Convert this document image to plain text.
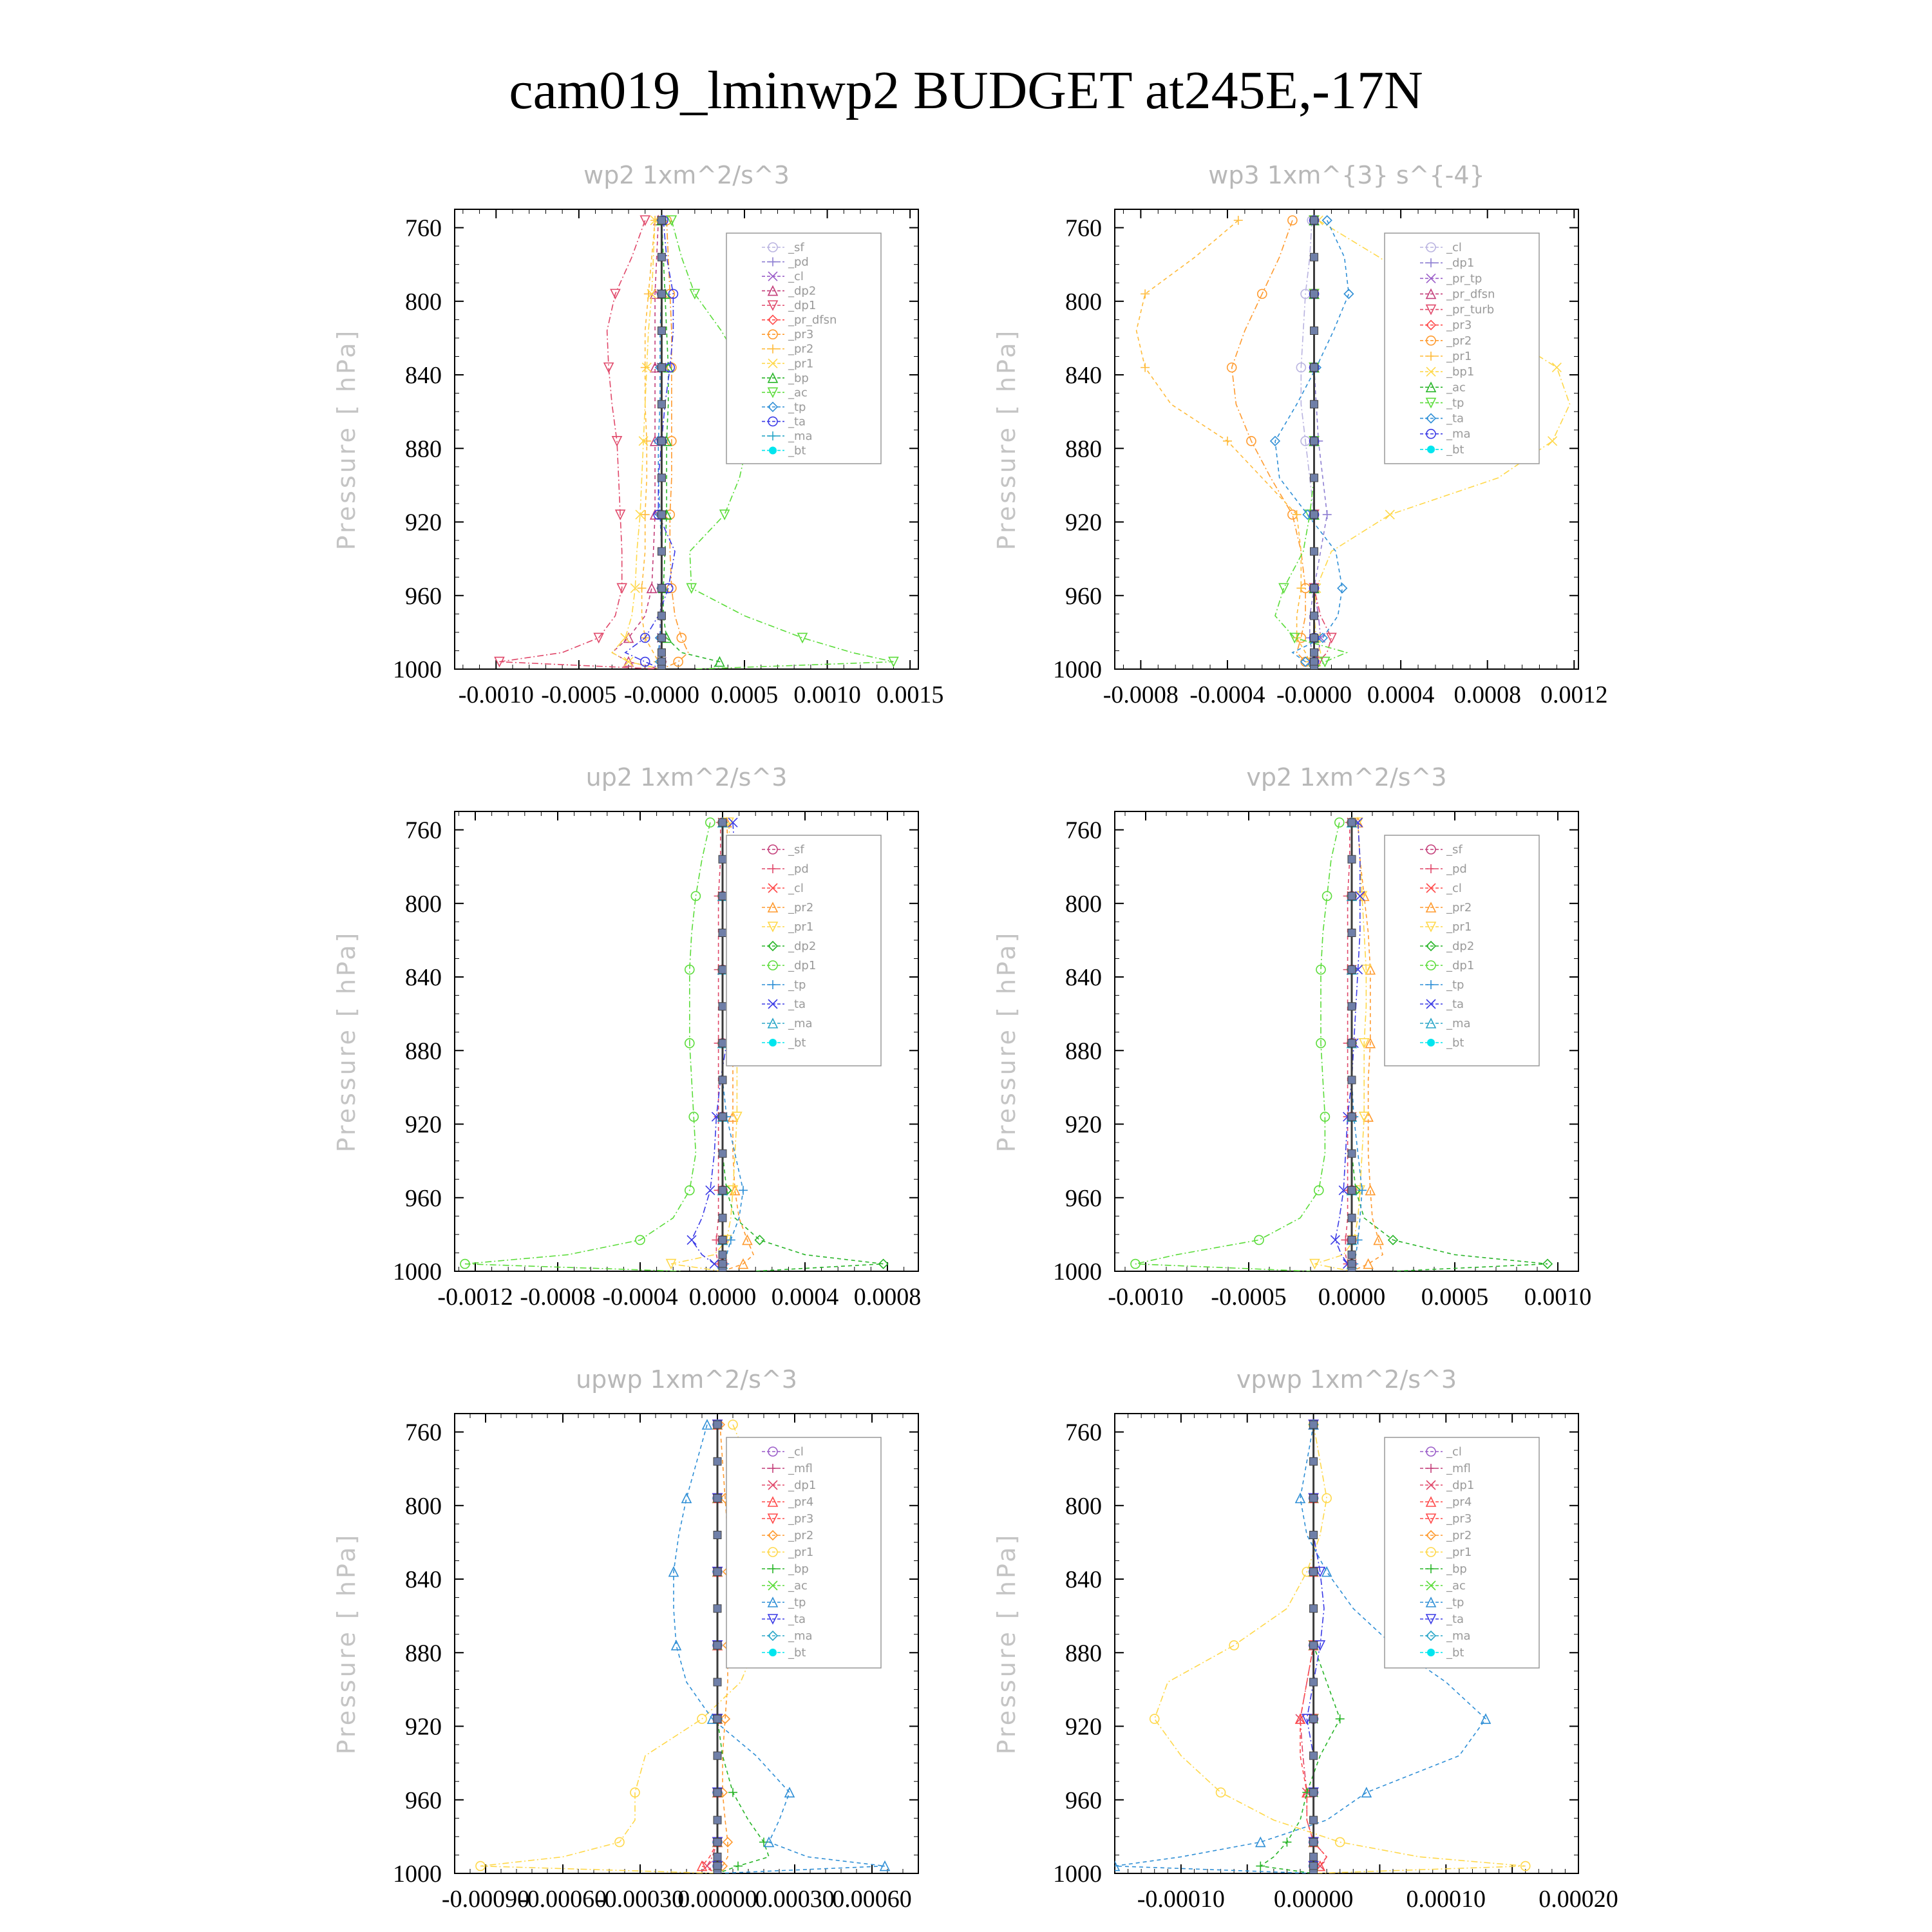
cam019_lminwp2 BUDGET at245E,-17N
wp2 1xm^2/s^3
Pressure [ hPa]
760
800
840
880
920
960
1000
-0.0010 -0.0005 -0.0000 0.0005 0.0010 0.0015
_sf
_pd
_cl
_dp2
_dp1
_pr_dfsn
_pr3
_pr2
_pr1
_bp
_ac
_tp
_ta
_ma
_bt
wp3 1xm^{3} s^{-4}
Pressure [ hPa]
760
800
840
880
920
960
1000
-0.0008 -0.0004 -0.0000 0.0004 0.0008 0.0012
_cl
_dp1
_pr_tp
_pr_dfsn
_pr_turb
_pr3
_pr2
_pr1
_bp1
_ac
_tp
_ta
_ma
_bt
up2 1xm^2/s^3
Pressure [ hPa]
760
800
840
880
920
960
1000
-0.0012 -0.0008 -0.0004 0.0000 0.0004 0.0008
_sf
_pd
_cl
_pr2
_pr1
_dp2
_dp1
_tp
_ta
_ma
_bt
vp2 1xm^2/s^3
Pressure [ hPa]
760
800
840
880
920
960
1000
-0.0010 -0.0005 0.0000 0.0005 0.0010
_sf
_pd
_cl
_pr2
_pr1
_dp2
_dp1
_tp
_ta
_ma
_bt
upwp 1xm^2/s^3
Pressure [ hPa]
760
800
840
880
920
960
1000
-0.00090
-0.00060
-0.00030
0.00000
0.00030
0.00060
_cl
_mfl
_dp1
_pr4
_pr3
_pr2
_pr1
_bp
_ac
_tp
_ta
_ma
_bt
vpwp 1xm^2/s^3
Pressure [ hPa]
760
800
840
880
920
960
1000
-0.00010 0.00000 0.00010 0.00020
_cl
_mfl
_dp1
_pr4
_pr3
_pr2
_pr1
_bp
_ac
_tp
_ta
_ma
_bt
